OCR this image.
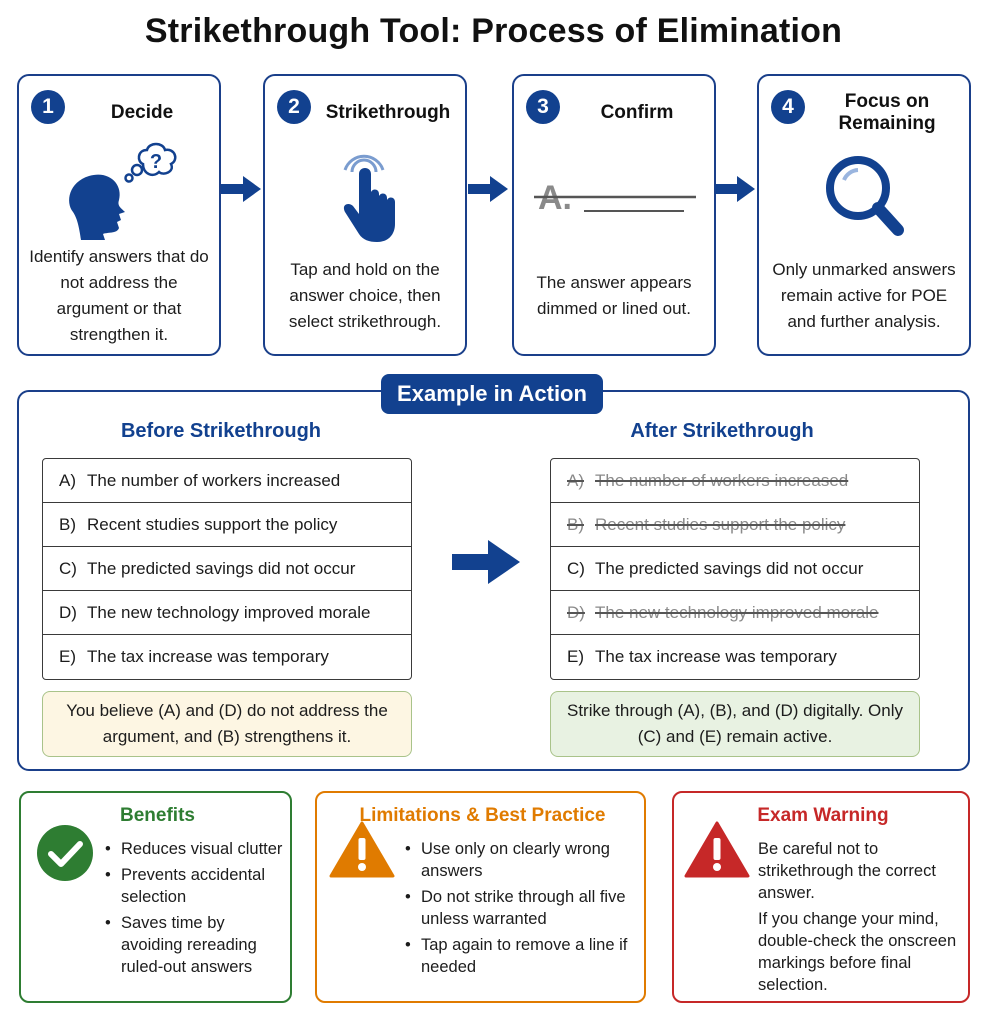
Strikethrough Tool: Process of Elimination
1	Decide
?
Identify answers that do not address the argument or that strengthen it.
2	Strikethrough
Tap and hold on the answer choice, then select strikethrough.
3	Confirm
A.
The answer appears dimmed or lined out.
4	Focus on Remaining
Only unmarked answers remain active for POE and further analysis.
Example in Action
Before Strikethrough
A) The number of workers increased
B) Recent studies support the policy
C) The predicted savings did not occur
D) The new technology improved morale
E) The tax increase was temporary
You believe (A) and (D) do not address the argument, and (B) strengthens it.
After Strikethrough
A) The number of workers increased
B) Recent studies support the policy
C) The predicted savings did not occur
D) The new technology improved morale
E) The tax increase was temporary
Strike through (A), (B), and (D) digitally. Only (C) and (E) remain active.
Benefits
• Reduces visual clutter
• Prevents accidental selection
• Saves time by avoiding rereading ruled-out answers
Limitations & Best Practice
• Use only on clearly wrong answers
• Do not strike through all five unless warranted
• Tap again to remove a line if needed
Exam Warning

Be careful not to strikethrough the correct answer.

If you change your mind, double-check the onscreen markings before final selection.
